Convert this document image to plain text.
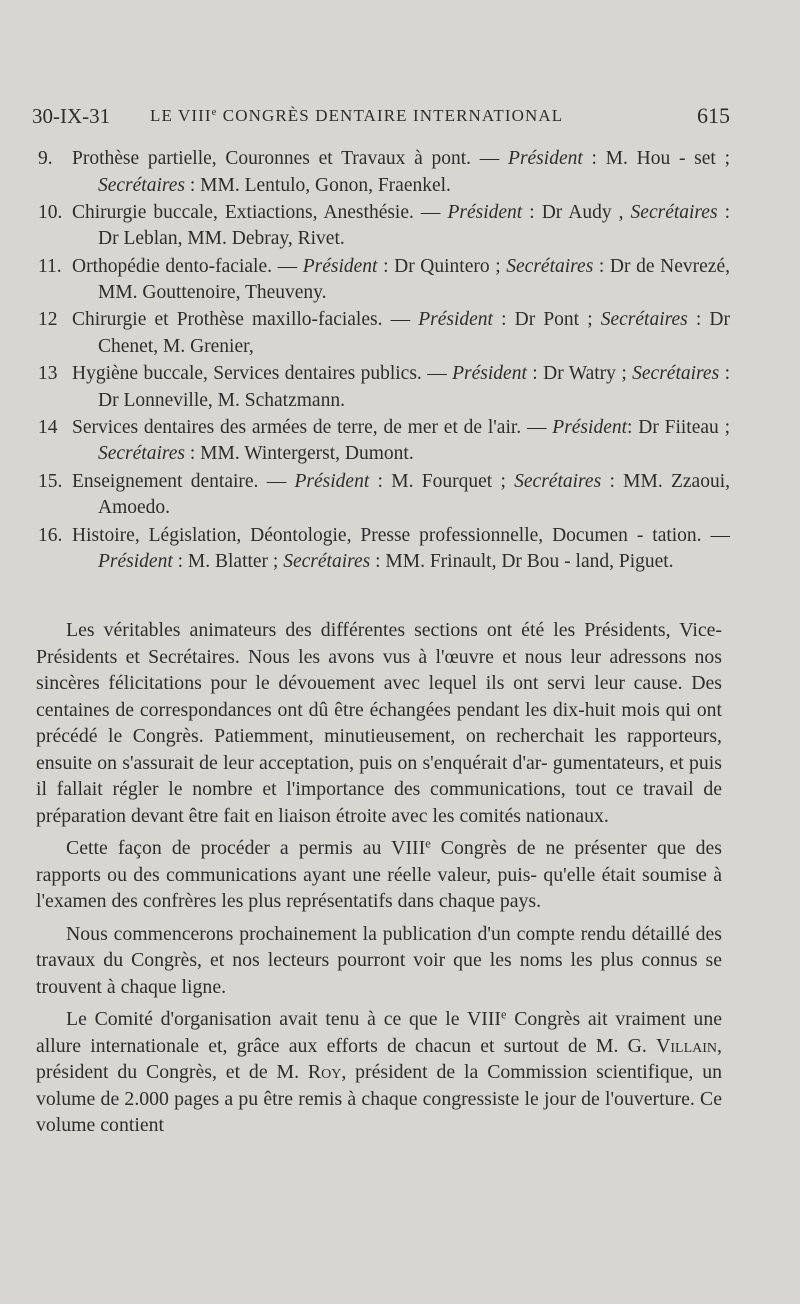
30-IX-31 LE VIIIe CONGRÈS DENTAIRE INTERNATIONAL	615
9. Prothèse partielle, Couronnes et Travaux à pont. — Président : M. Hou - set ; Secrétaires : MM. Lentulo, Gonon, Fraenkel.
10. Chirurgie buccale, Extiactions, Anesthésie. — Président : Dr Audy , Secrétaires : Dr Leblan, MM. Debray, Rivet.
11. Orthopédie dento-faciale. — Président : Dr Quintero ; Secrétaires : Dr de Nevrezé, MM. Gouttenoire, Theuveny.
12 Chirurgie et Prothèse maxillo-faciales. — Président : Dr Pont ; Secrétaires : Dr Chenet, M. Grenier,
13 Hygiène buccale, Services dentaires publics. — Président : Dr Watry ; Secrétaires : Dr Lonneville, M. Schatzmann.
14 Services dentaires des armées de terre, de mer et de l'air. — Président: Dr Fiiteau ; Secrétaires : MM. Wintergerst, Dumont.
15. Enseignement dentaire. — Président : M. Fourquet ; Secrétaires : MM. Zzaoui, Amoedo.
16. Histoire, Législation, Déontologie, Presse professionnelle, Documen - tation. — Président : M. Blatter ; Secrétaires : MM. Frinault, Dr Bou - land, Piguet.

Les véritables animateurs des différentes sections ont été les Présidents, Vice-Présidents et Secrétaires. Nous les avons vus à l'œuvre et nous leur adressons nos sincères félicitations pour le dévouement avec lequel ils ont servi leur cause. Des centaines de correspondances ont dû être échangées pendant les dix-huit mois qui ont précédé le Congrès. Patiemment, minutieusement, on recherchait les rapporteurs, ensuite on s'assurait de leur acceptation, puis on s'enquérait d'ar- gumentateurs, et puis il fallait régler le nombre et l'importance des communications, tout ce travail de préparation devant être fait en liaison étroite avec les comités nationaux.

Cette façon de procéder a permis au VIIIe Congrès de ne présenter que des rapports ou des communications ayant une réelle valeur, puis- qu'elle était soumise à l'examen des confrères les plus représentatifs dans chaque pays.

Nous commencerons prochainement la publication d'un compte rendu détaillé des travaux du Congrès, et nos lecteurs pourront voir que les noms les plus connus se trouvent à chaque ligne.

Le Comité d'organisation avait tenu à ce que le VIIIe Congrès ait vraiment une allure internationale et, grâce aux efforts de chacun et surtout de M. G. Villain, président du Congrès, et de M. Roy, président de la Commission scientifique, un volume de 2.000 pages a pu être remis à chaque congressiste le jour de l'ouverture. Ce volume contient
